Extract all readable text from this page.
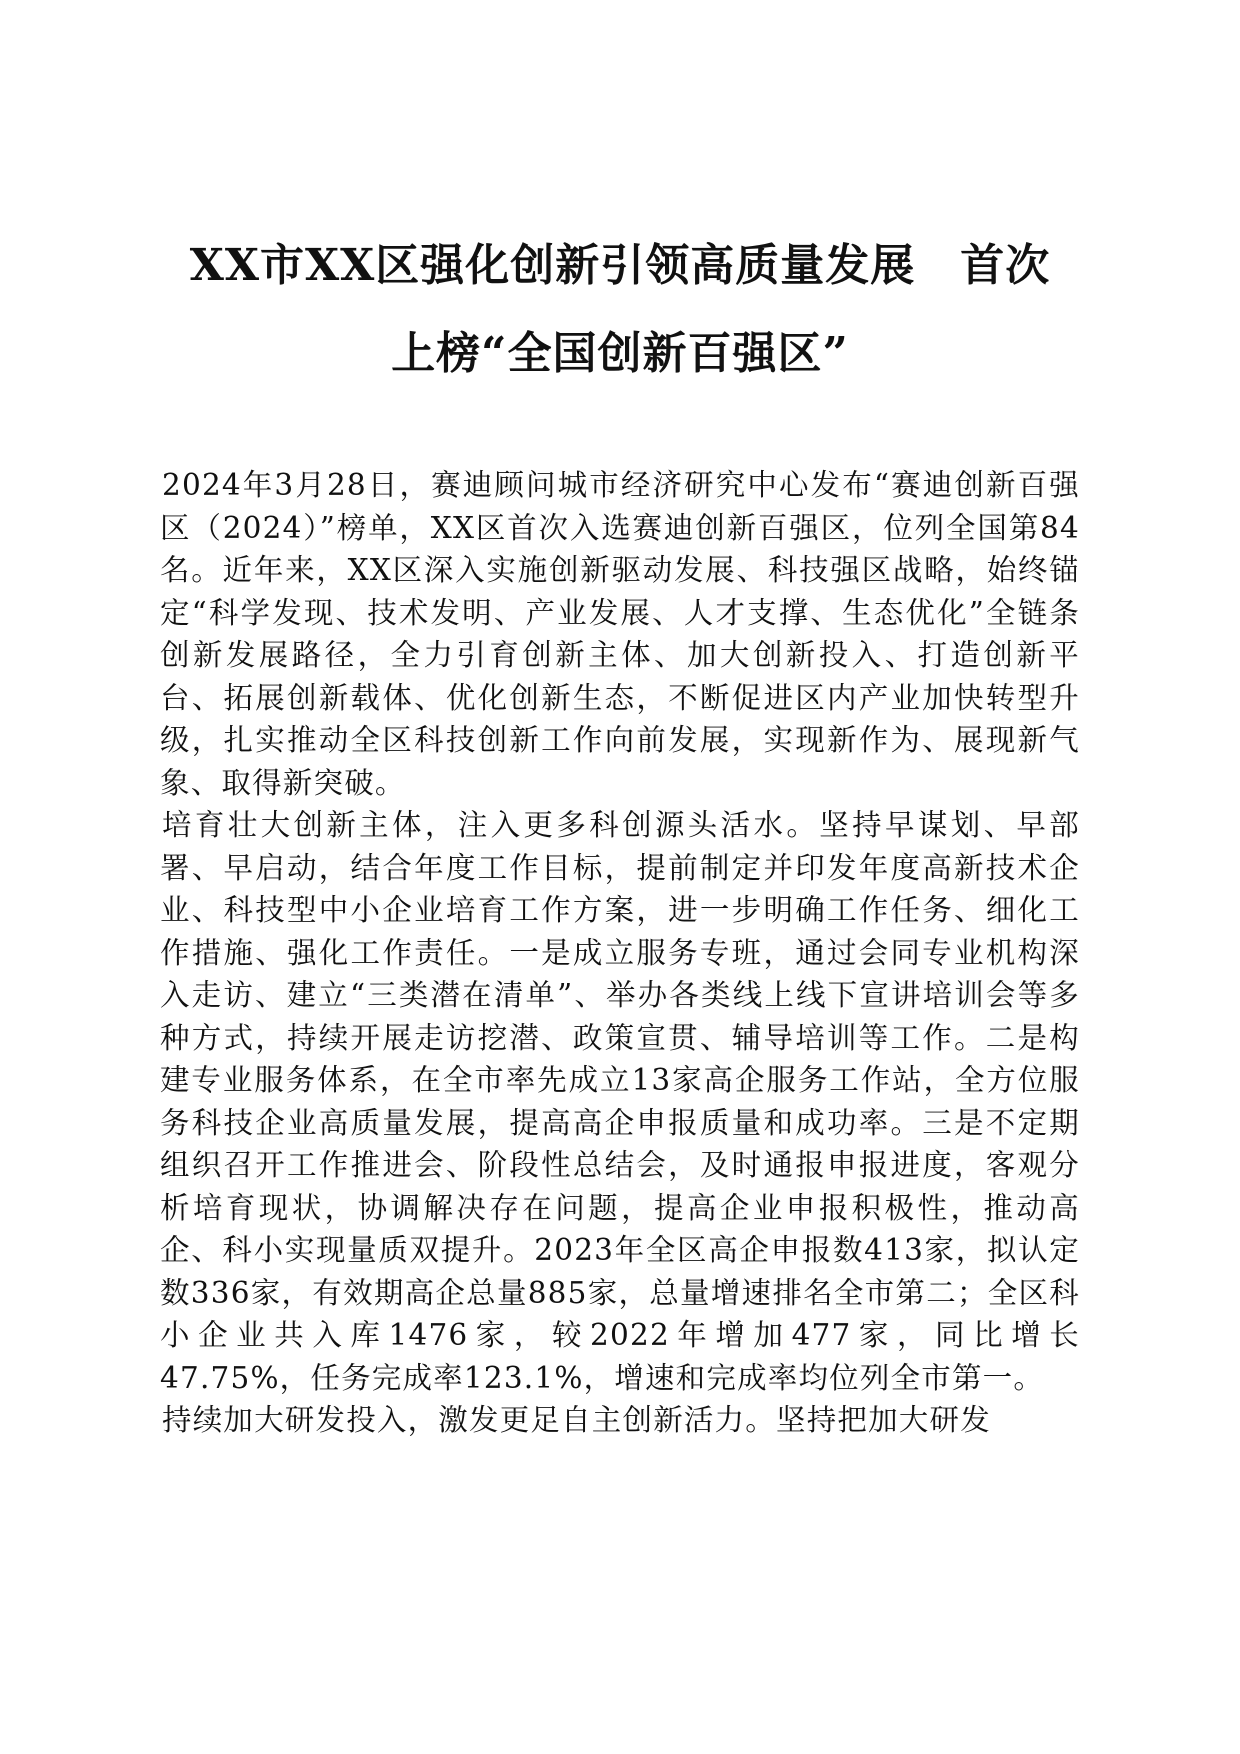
XX市XX区强化创新引领高质量发展　首次
上榜“全国创新百强区”

2024年3月28日，赛迪顾问城市经济研究中心发布“赛迪创新百强区（2024）”榜单，XX区首次入选赛迪创新百强区，位列全国第84名。近年来，XX区深入实施创新驱动发展、科技强区战略，始终锚定“科学发现、技术发明、产业发展、人才支撑、生态优化”全链条创新发展路径，全力引育创新主体、加大创新投入、打造创新平台、拓展创新载体、优化创新生态，不断促进区内产业加快转型升级，扎实推动全区科技创新工作向前发展，实现新作为、展现新气象、取得新突破。

培育壮大创新主体，注入更多科创源头活水。坚持早谋划、早部署、早启动，结合年度工作目标，提前制定并印发年度高新技术企业、科技型中小企业培育工作方案，进一步明确工作任务、细化工作措施、强化工作责任。一是成立服务专班，通过会同专业机构深入走访、建立“三类潜在清单”、举办各类线上线下宣讲培训会等多种方式，持续开展走访挖潜、政策宣贯、辅导培训等工作。二是构建专业服务体系，在全市率先成立13家高企服务工作站，全方位服务科技企业高质量发展，提高高企申报质量和成功率。三是不定期组织召开工作推进会、阶段性总结会，及时通报申报进度，客观分析培育现状，协调解决存在问题，提高企业申报积极性，推动高企、科小实现量质双提升。2023年全区高企申报数413家，拟认定数336家，有效期高企总量885家，总量增速排名全市第二；全区科小企业共入库1476家，较2022年增加477家，同比增长47.75%，任务完成率123.1%，增速和完成率均位列全市第一。

持续加大研发投入，激发更足自主创新活力。坚持把加大研发
